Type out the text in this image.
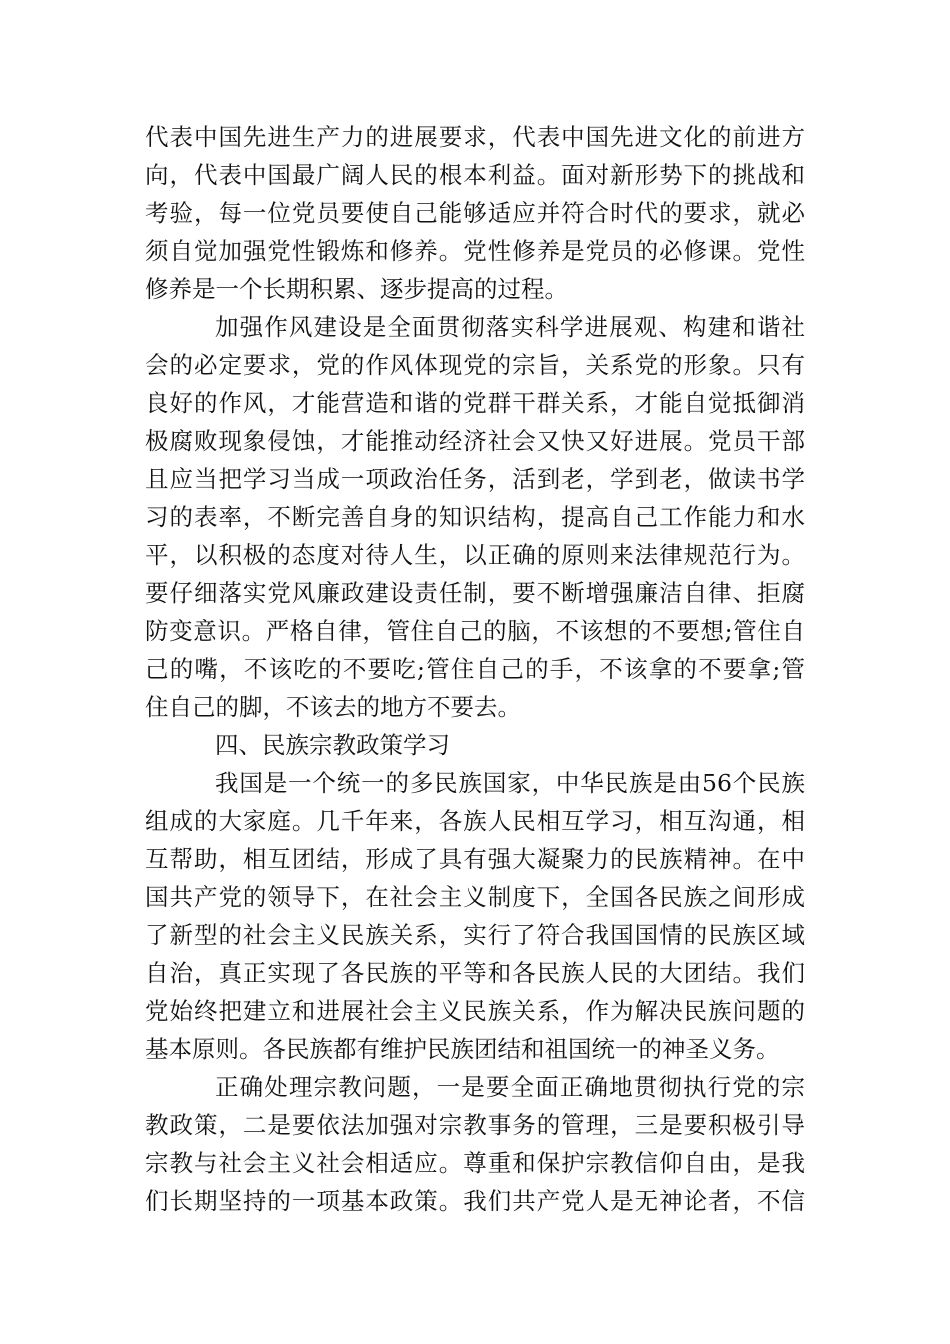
代表中国先进生产力的进展要求，代表中国先进文化的前进方
向，代表中国最广阔人民的根本利益。面对新形势下的挑战和
考验，每一位党员要使自己能够适应并符合时代的要求，就必
须自觉加强党性锻炼和修养。党性修养是党员的必修课。党性
修养是一个长期积累、逐步提高的过程。
加强作风建设是全面贯彻落实科学进展观、构建和谐社
会的必定要求，党的作风体现党的宗旨，关系党的形象。只有
良好的作风，才能营造和谐的党群干群关系，才能自觉抵御消
极腐败现象侵蚀，才能推动经济社会又快又好进展。党员干部
且应当把学习当成一项政治任务，活到老，学到老，做读书学
习的表率，不断完善自身的知识结构，提高自己工作能力和水
平，以积极的态度对待人生，以正确的原则来法律规范行为。
要仔细落实党风廉政建设责任制，要不断增强廉洁自律、拒腐
防变意识。严格自律，管住自己的脑，不该想的不要想;管住自
己的嘴，不该吃的不要吃;管住自己的手，不该拿的不要拿;管
住自己的脚，不该去的地方不要去。
四、民族宗教政策学习
我国是一个统一的多民族国家，中华民族是由56个民族
组成的大家庭。几千年来，各族人民相互学习，相互沟通，相
互帮助，相互团结，形成了具有强大凝聚力的民族精神。在中
国共产党的领导下，在社会主义制度下，全国各民族之间形成
了新型的社会主义民族关系，实行了符合我国国情的民族区域
自治，真正实现了各民族的平等和各民族人民的大团结。我们
党始终把建立和进展社会主义民族关系，作为解决民族问题的
基本原则。各民族都有维护民族团结和祖国统一的神圣义务。
正确处理宗教问题，一是要全面正确地贯彻执行党的宗
教政策，二是要依法加强对宗教事务的管理，三是要积极引导
宗教与社会主义社会相适应。尊重和保护宗教信仰自由，是我
们长期坚持的一项基本政策。我们共产党人是无神论者，不信
